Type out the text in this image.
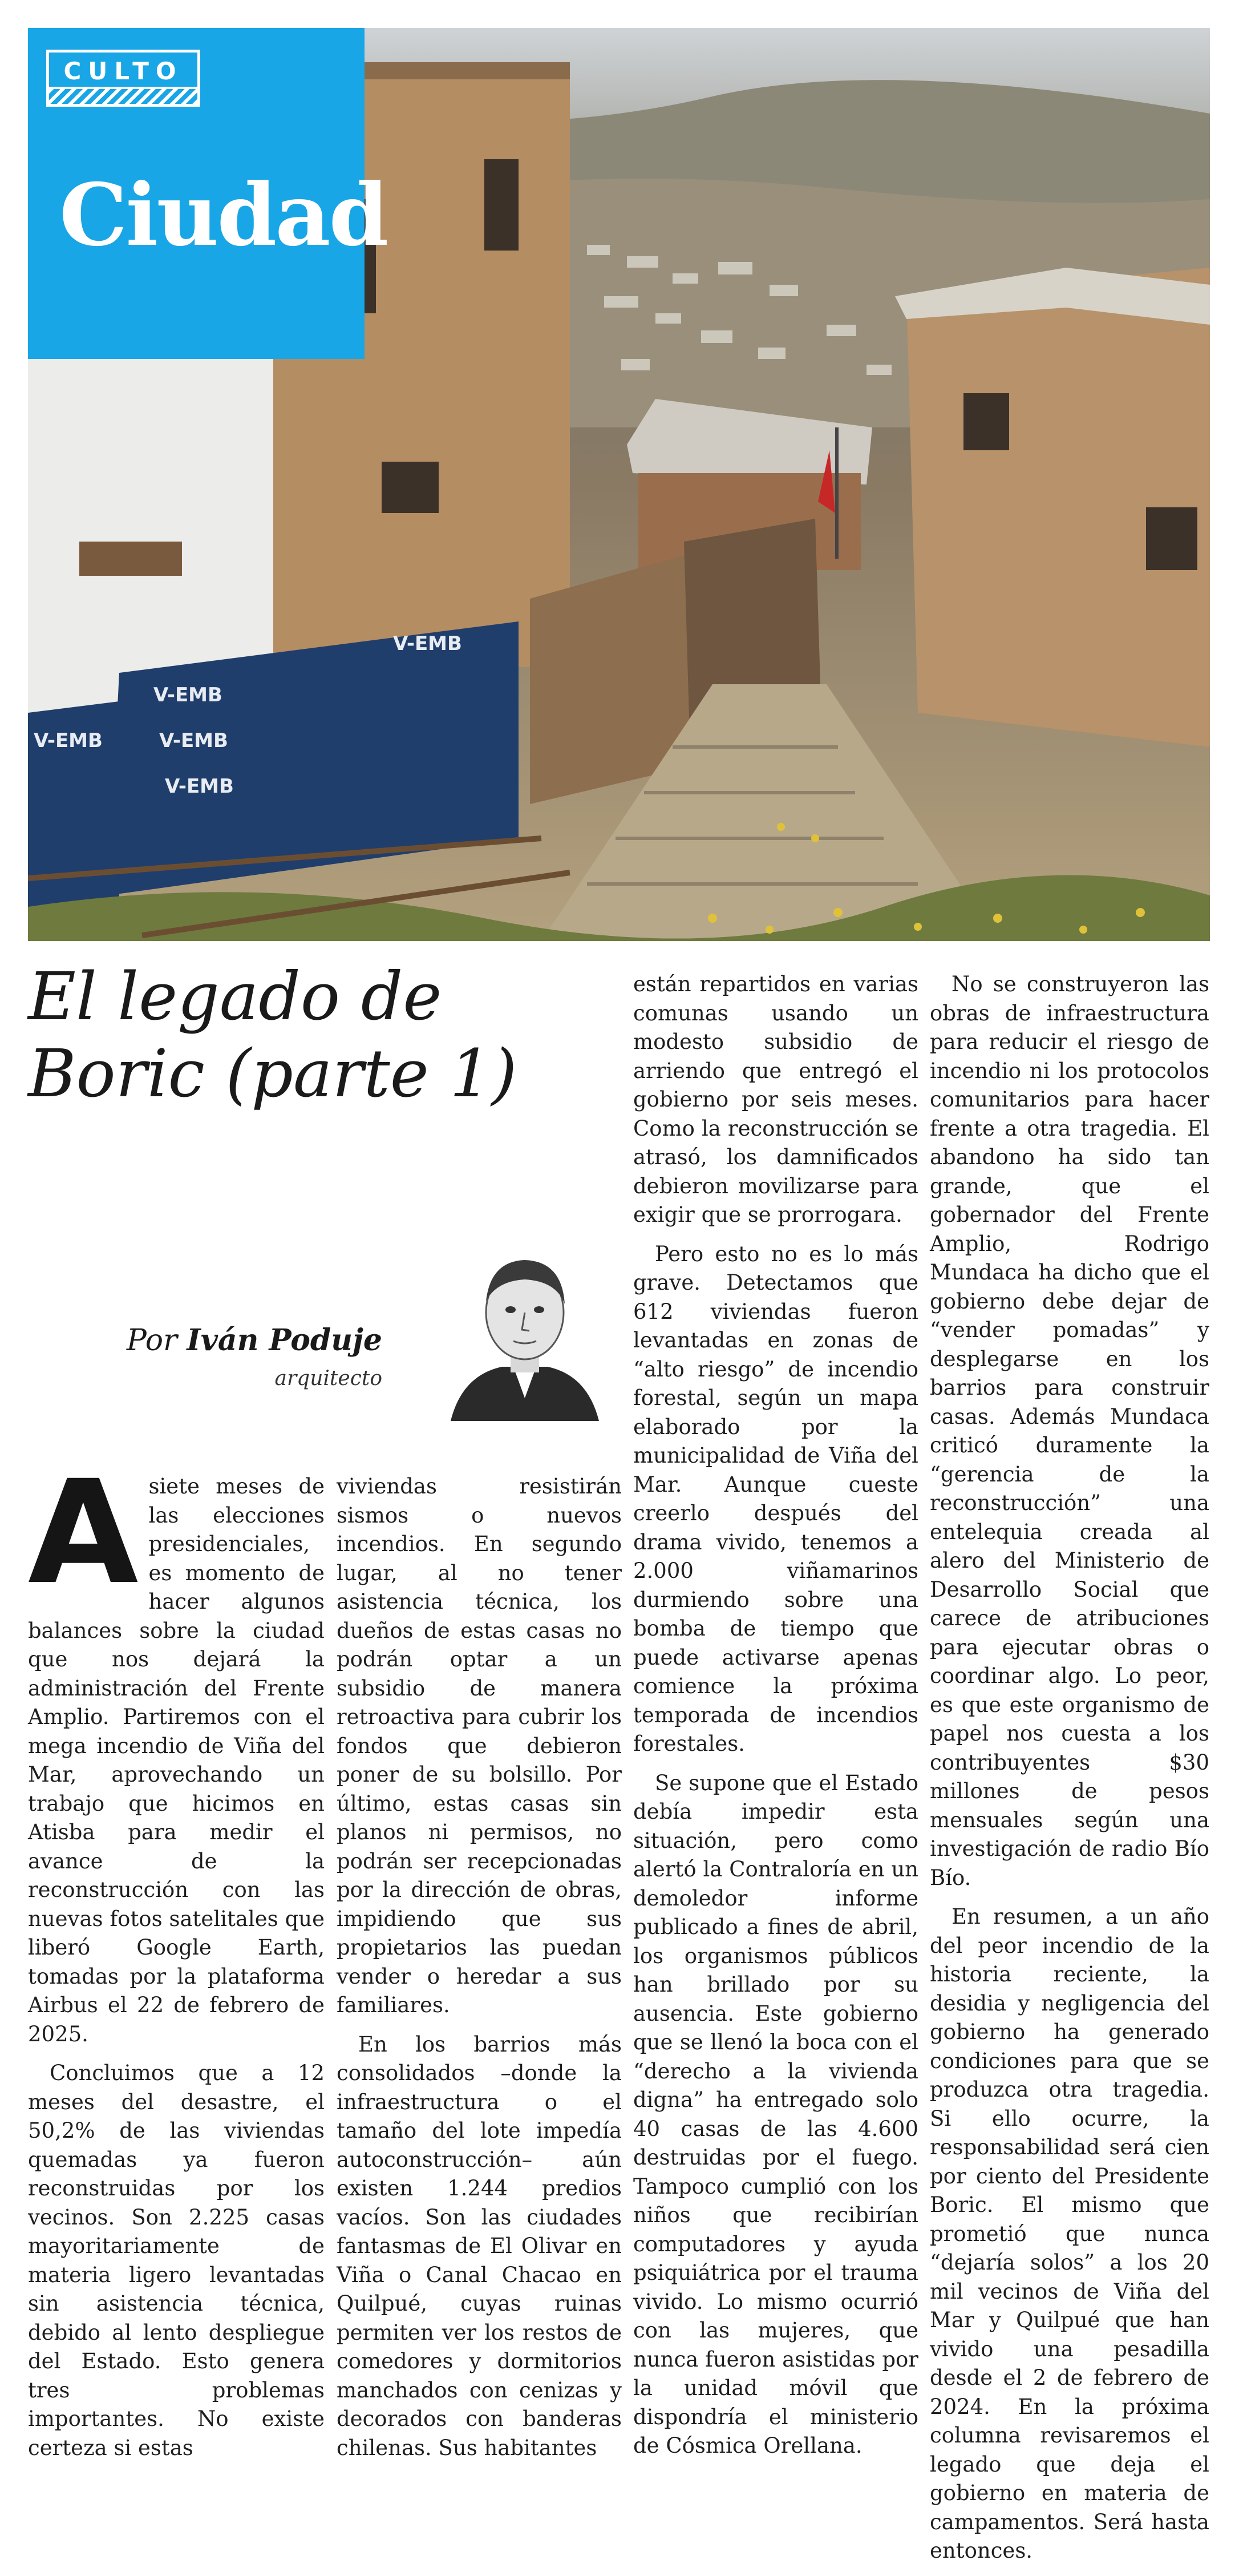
V-EMB
V-EMB
V-EMB
V-EMB
V-EMB
CULTO
Ciudad
El legado de Boric (parte 1)
Por Iván Poduje
arquitecto

Asiete meses de las elecciones presidenciales, es momento de hacer algunos balances sobre la ciudad que nos dejará la administración del Frente Amplio. Partiremos con el mega incendio de Viña del Mar, aprovechando un trabajo que hicimos en Atisba para medir el avance de la reconstrucción con las nuevas fotos satelitales que liberó Google Earth, tomadas por la plataforma Airbus el 22 de febrero de 2025.

Concluimos que a 12 meses del desastre, el 50,2% de las viviendas quemadas ya fueron reconstruidas por los vecinos. Son 2.225 casas mayoritariamente de materia ligero levantadas sin asistencia técnica, debido al lento despliegue del Estado. Esto genera tres problemas importantes. No existe certeza si estas

viviendas resistirán sismos o nuevos incendios. En segundo lugar, al no tener asistencia técnica, los dueños de estas casas no podrán optar a un subsidio de manera retroactiva para cubrir los fondos que debieron poner de su bolsillo. Por último, estas casas sin planos ni permisos, no podrán ser recepcionadas por la dirección de obras, impidiendo que sus propietarios las puedan vender o heredar a sus familiares.

En los barrios más consolidados –donde la infraestructura o el tamaño del lote impedía autoconstrucción– aún existen 1.244 predios vacíos. Son las ciudades fantasmas de El Olivar en Viña o Canal Chacao en Quilpué, cuyas ruinas permiten ver los restos de comedores y dormitorios manchados con cenizas y decorados con banderas chilenas. Sus habitantes

están repartidos en varias comunas usando un modesto subsidio de arriendo que entregó el gobierno por seis meses. Como la reconstrucción se atrasó, los damnificados debieron movilizarse para exigir que se prorrogara.

Pero esto no es lo más grave. Detectamos que 612 viviendas fueron levantadas en zonas de “alto riesgo” de incendio forestal, según un mapa elaborado por la municipalidad de Viña del Mar. Aunque cueste creerlo después del drama vivido, tenemos a 2.000 viñamarinos durmiendo sobre una bomba de tiempo que puede activarse apenas comience la próxima temporada de incendios forestales.

Se supone que el Estado debía impedir esta situación, pero como alertó la Contraloría en un demoledor informe publicado a fines de abril, los organismos públicos han brillado por su ausencia. Este gobierno que se llenó la boca con el “derecho a la vivienda digna” ha entregado solo 40 casas de las 4.600 destruidas por el fuego. Tampoco cumplió con los niños que recibirían computadores y ayuda psiquiátrica por el trauma vivido. Lo mismo ocurrió con las mujeres, que nunca fueron asistidas por la unidad móvil que dispondría el ministerio de Cósmica Orellana.

No se construyeron las obras de infraestructura para reducir el riesgo de incendio ni los protocolos comunitarios para hacer frente a otra tragedia. El abandono ha sido tan grande, que el gobernador del Frente Amplio, Rodrigo Mundaca ha dicho que el gobierno debe dejar de “vender pomadas” y desplegarse en los barrios para construir casas. Además Mundaca criticó duramente la “gerencia de la reconstrucción” una entelequia creada al alero del Ministerio de Desarrollo Social que carece de atribuciones para ejecutar obras o coordinar algo. Lo peor, es que este organismo de papel nos cuesta a los contribuyentes $30 millones de pesos mensuales según una investigación de radio Bío Bío.

En resumen, a un año del peor incendio de la historia reciente, la desidia y negligencia del gobierno ha generado condiciones para que se produzca otra tragedia. Si ello ocurre, la responsabilidad será cien por ciento del Presidente Boric. El mismo que prometió que nunca “dejaría solos” a los 20 mil vecinos de Viña del Mar y Quilpué que han vivido una pesadilla desde el 2 de febrero de 2024. En la próxima columna revisaremos el legado que deja el gobierno en materia de campamentos. Será hasta entonces.
